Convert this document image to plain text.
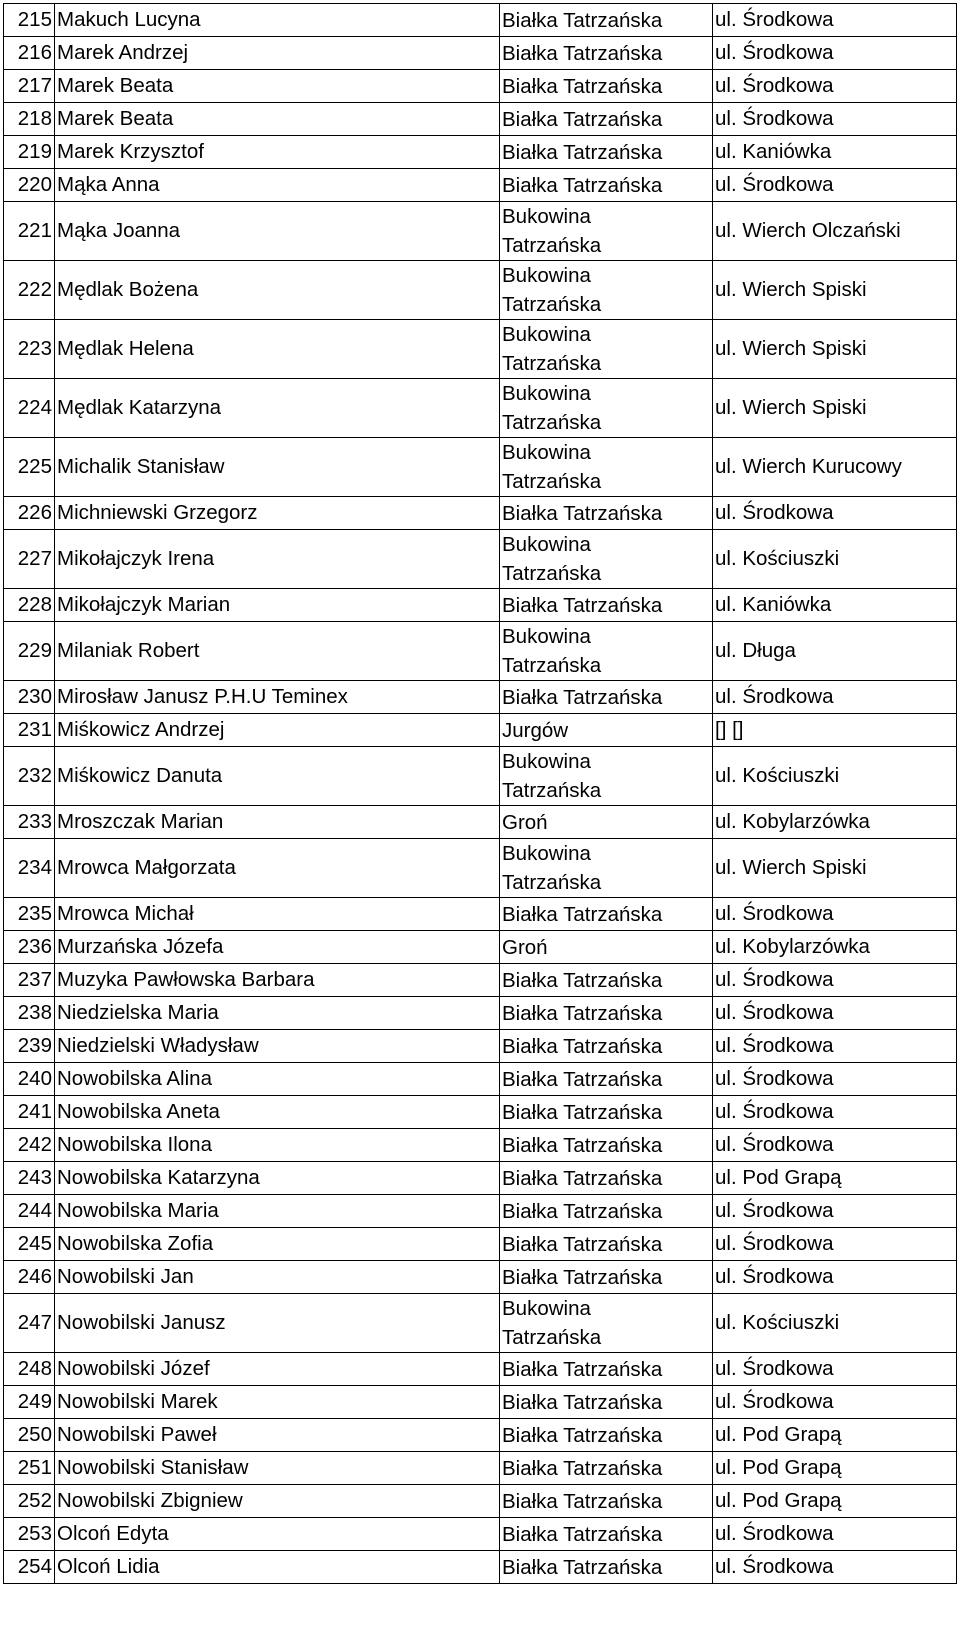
215	Makuch Lucyna	Białka Tatrzańska	ul. Środkowa
216	Marek Andrzej	Białka Tatrzańska	ul. Środkowa
217	Marek Beata	Białka Tatrzańska	ul. Środkowa
218	Marek Beata	Białka Tatrzańska	ul. Środkowa
219	Marek Krzysztof	Białka Tatrzańska	ul. Kaniówka
220	Mąka Anna	Białka Tatrzańska	ul. Środkowa
221	Mąka Joanna	Bukowina Tatrzańska	ul. Wierch Olczański
222	Mędlak Bożena	Bukowina Tatrzańska	ul. Wierch Spiski
223	Mędlak Helena	Bukowina Tatrzańska	ul. Wierch Spiski
224	Mędlak Katarzyna	Bukowina Tatrzańska	ul. Wierch Spiski
225	Michalik Stanisław	Bukowina Tatrzańska	ul. Wierch Kurucowy
226	Michniewski Grzegorz	Białka Tatrzańska	ul. Środkowa
227	Mikołajczyk Irena	Bukowina Tatrzańska	ul. Kościuszki
228	Mikołajczyk Marian	Białka Tatrzańska	ul. Kaniówka
229	Milaniak Robert	Bukowina Tatrzańska	ul. Długa
230	Mirosław Janusz P.H.U Teminex	Białka Tatrzańska	ul. Środkowa
231	Miśkowicz Andrzej	Jurgów	[] []
232	Miśkowicz Danuta	Bukowina Tatrzańska	ul. Kościuszki
233	Mroszczak Marian	Groń	ul. Kobylarzówka
234	Mrowca Małgorzata	Bukowina Tatrzańska	ul. Wierch Spiski
235	Mrowca Michał	Białka Tatrzańska	ul. Środkowa
236	Murzańska Józefa	Groń	ul. Kobylarzówka
237	Muzyka Pawłowska Barbara	Białka Tatrzańska	ul. Środkowa
238	Niedzielska Maria	Białka Tatrzańska	ul. Środkowa
239	Niedzielski Władysław	Białka Tatrzańska	ul. Środkowa
240	Nowobilska Alina	Białka Tatrzańska	ul. Środkowa
241	Nowobilska Aneta	Białka Tatrzańska	ul. Środkowa
242	Nowobilska Ilona	Białka Tatrzańska	ul. Środkowa
243	Nowobilska Katarzyna	Białka Tatrzańska	ul. Pod Grapą
244	Nowobilska Maria	Białka Tatrzańska	ul. Środkowa
245	Nowobilska Zofia	Białka Tatrzańska	ul. Środkowa
246	Nowobilski Jan	Białka Tatrzańska	ul. Środkowa
247	Nowobilski Janusz	Bukowina Tatrzańska	ul. Kościuszki
248	Nowobilski Józef	Białka Tatrzańska	ul. Środkowa
249	Nowobilski Marek	Białka Tatrzańska	ul. Środkowa
250	Nowobilski Paweł	Białka Tatrzańska	ul. Pod Grapą
251	Nowobilski Stanisław	Białka Tatrzańska	ul. Pod Grapą
252	Nowobilski Zbigniew	Białka Tatrzańska	ul. Pod Grapą
253	Olcoń Edyta	Białka Tatrzańska	ul. Środkowa
254	Olcoń Lidia	Białka Tatrzańska	ul. Środkowa
